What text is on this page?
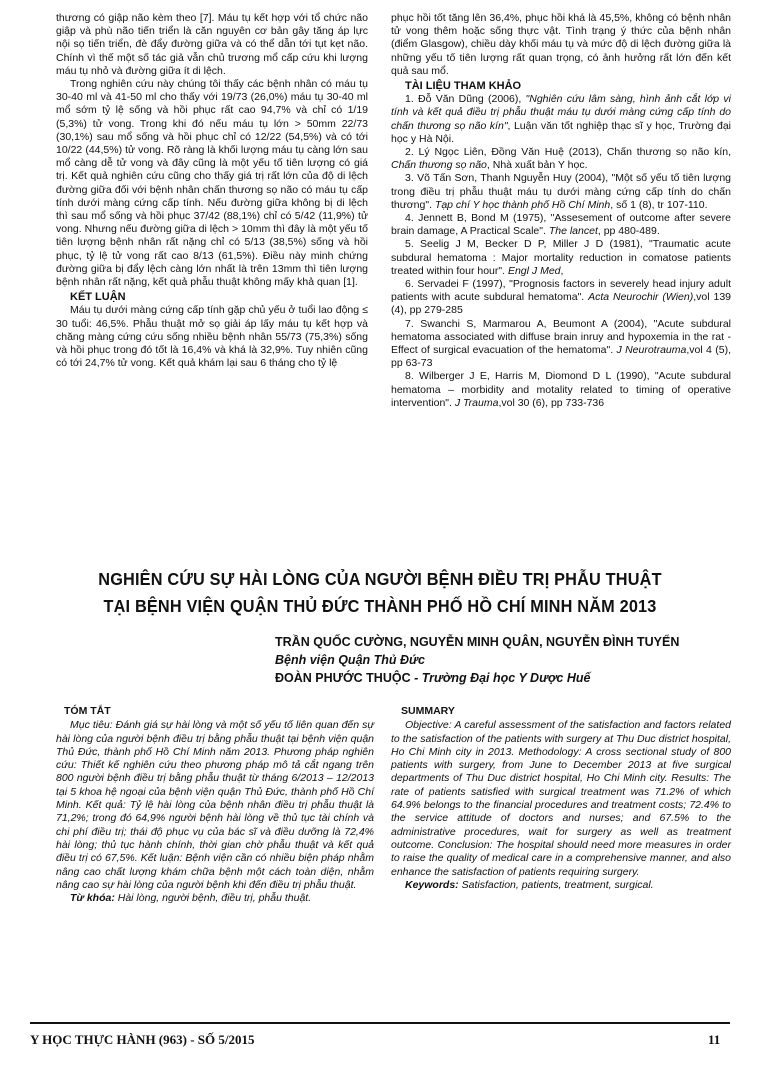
thương có giập não kèm theo [7]. Máu tụ kết hợp với tổ chức não giập và phù não tiến triển là căn nguyên cơ bản gây tăng áp lực nội sọ tiến triển, đè đẩy đường giữa và có thể dẫn tới tụt kẹt não. Chính vì thế một số tác giả vẫn chủ trương mổ cấp cứu khi lượng máu tụ nhỏ và đường giữa ít di lệch.

Trong nghiên cứu này chúng tôi thấy các bệnh nhân có máu tụ 30-40 ml và 41-50 ml cho thấy với 19/73 (26,0%) máu tụ 30-40 ml mổ sớm tỷ lệ sống và hồi phục rất cao 94,7% và chỉ có 1/19 (5,3%) tử vong. Trong khi đó nếu máu tụ lớn > 50mm 22/73 (30,1%) sau mổ sống và hồi phục chỉ có 12/22 (54,5%) và có tới 10/22 (44,5%) tử vong. Rõ ràng là khối lượng máu tụ càng lớn sau mổ càng dễ tử vong và đây cũng là một yếu tố tiên lượng có giá trị. Kết quả nghiên cứu cũng cho thấy giá trị rất lớn của độ di lệch đường giữa đối với bệnh nhân chấn thương sọ não có máu tụ cấp tính dưới màng cứng cấp tính. Nếu đường giữa không bị di lệch thì sau mổ sống và hồi phục 37/42 (88,1%) chỉ có 5/42 (11,9%) tử vong. Nhưng nếu đường giữa di lệch > 10mm thì đây là một yếu tố tiên lượng bệnh nhân rất nặng chỉ có 5/13 (38,5%) sống và hồi phục, tỷ lệ tử vong rất cao 8/13 (61,5%). Điều này minh chứng đường giữa bị đẩy lệch càng lớn nhất là trên 13mm thì tiên lượng bệnh nhân rất nặng, kết quả phẫu thuật không mấy khả quan [1].

KẾT LUẬN

Máu tụ dưới màng cứng cấp tính gặp chủ yếu ở tuổi lao động ≤ 30 tuổi: 46,5%. Phẫu thuật mở sọ giải áp lấy máu tụ kết hợp và chăng màng cứng cứu sống nhiều bệnh nhân 55/73 (75,3%) sống và hồi phục trong đó tốt là 16,4% và khá là 32,9%. Tuy nhiên cũng có tới 24,7% tử vong. Kết quả khám lại sau 6 tháng cho tỷ lệ

phục hồi tốt tăng lên 36,4%, phục hồi khá là 45,5%, không có bệnh nhân tử vong thêm hoặc sống thực vật. Tình trạng ý thức của bệnh nhân (điểm Glasgow), chiều dày khối máu tụ và mức độ di lệch đường giữa là những yếu tố tiên lượng rất quan trọng, có ảnh hưởng rất lớn đến kết quả sau mổ.

TÀI LIỆU THAM KHẢO

1. Đỗ Văn Dũng (2006), "Nghiên cứu lâm sàng, hình ảnh cắt lớp vi tính và kết quả điều trị phẫu thuật máu tụ dưới màng cứng cấp tính do chấn thương sọ não kín", Luận văn tốt nghiệp thạc sĩ y học, Trường đại học y Hà Nội.

2. Lý Ngọc Liên, Đồng Văn Huệ (2013), Chấn thương sọ não kín, Chấn thương sọ não, Nhà xuất bản Y học.

3. Võ Tấn Sơn, Thanh Nguyễn Huy (2004), "Một số yếu tố tiên lượng trong điều trị phẫu thuật máu tụ dưới màng cứng cấp tính do chấn thương". Tạp chí Y học thành phố Hồ Chí Minh, số 1 (8), tr 107-110.

4. Jennett B, Bond M (1975), "Assesement of outcome after severe brain damage, A Practical Scale". The lancet, pp 480-489.

5. Seelig J M, Becker D P, Miller J D (1981), "Traumatic acute subdural hematoma : Major mortality reduction in comatose patients treated within four hour". Engl J Med,

6. Servadei F (1997), "Prognosis factors in severely head injury adult patients with acute subdural hematoma". Acta Neurochir (Wien),vol 139 (4), pp 279-285

7. Swanchi S, Marmarou A, Beumont A (2004), "Acute subdural hematoma associated with diffuse brain inruy and hypoxemia in the rat - Effect of surgical evacuation of the hematoma". J Neurotrauma,vol 4 (5), pp 63-73

8. Wilberger J E, Harris M, Diomond D L (1990), "Acute subdural hematoma – morbidity and motality related to timing of operative intervention". J Trauma,vol 30 (6), pp 733-736

NGHIÊN CỨU SỰ HÀI LÒNG CỦA NGƯỜI BỆNH ĐIỀU TRỊ PHẪU THUẬT
TẠI BỆNH VIỆN QUẬN THỦ ĐỨC THÀNH PHỐ HỒ CHÍ MINH NĂM 2013
TRẦN QUỐC CƯỜNG, NGUYỄN MINH QUÂN, NGUYỄN ĐÌNH TUYỂN
Bệnh viện Quận Thủ Đức
ĐOÀN PHƯỚC THUỘC - Trường Đại học Y Dược Huế
TÓM TẮT
Mục tiêu: Đánh giá sự hài lòng và một số yếu tố liên quan đến sự hài lòng của người bệnh điều trị bằng phẫu thuật tại bệnh viện quận Thủ Đức, thành phố Hồ Chí Minh năm 2013. Phương pháp nghiên cứu: Thiết kế nghiên cứu theo phương pháp mô tả cắt ngang trên 800 người bệnh điều trị bằng phẫu thuật từ tháng 6/2013 – 12/2013 tại 5 khoa hệ ngoại của bệnh viện quận Thủ Đức, thành phố Hồ Chí Minh. Kết quả: Tỷ lệ hài lòng của bệnh nhân điều trị phẫu thuật là 71,2%; trong đó 64,9% người bệnh hài lòng về thủ tục tài chính và chi phí điều trị; thái độ phục vụ của bác sĩ và điều dưỡng là 72,4% hài lòng; thủ tục hành chính, thời gian chờ phẫu thuật và kết quả điều trị có 67,5%. Kết luận: Bệnh viện cần có nhiều biện pháp nhằm nâng cao chất lượng khám chữa bệnh một cách toàn diện, nhằm nâng cao sự hài lòng của người bệnh khi đến điều trị phẫu thuật.
Từ khóa: Hài lòng, người bệnh, điều trị, phẫu thuật.
SUMMARY
Objective: A careful assessment of the satisfaction and factors related to the satisfaction of the patients with surgery at Thu Duc district hospital, Ho Chi Minh city in 2013. Methodology: A cross sectional study of 800 patients with surgery, from June to December 2013 at five surgical departments of Thu Duc district hospital, Ho Chi Minh city. Results: The rate of patients satisfied with surgical treatment was 71.2% of which 64.9% belongs to the financial procedures and treatment costs; 72.4% to the service attitude of doctors and nurses; and 67.5% to the administrative procedures, wait for surgery as well as treatment outcome. Conclusion: The hospital should need more measures in order to raise the quality of medical care in a comprehensive manner, and also enhance the satisfaction of patients requiring surgery.
Keywords: Satisfaction, patients, treatment, surgical.
Y HỌC THỰC HÀNH (963) - SỐ 5/2015	11
